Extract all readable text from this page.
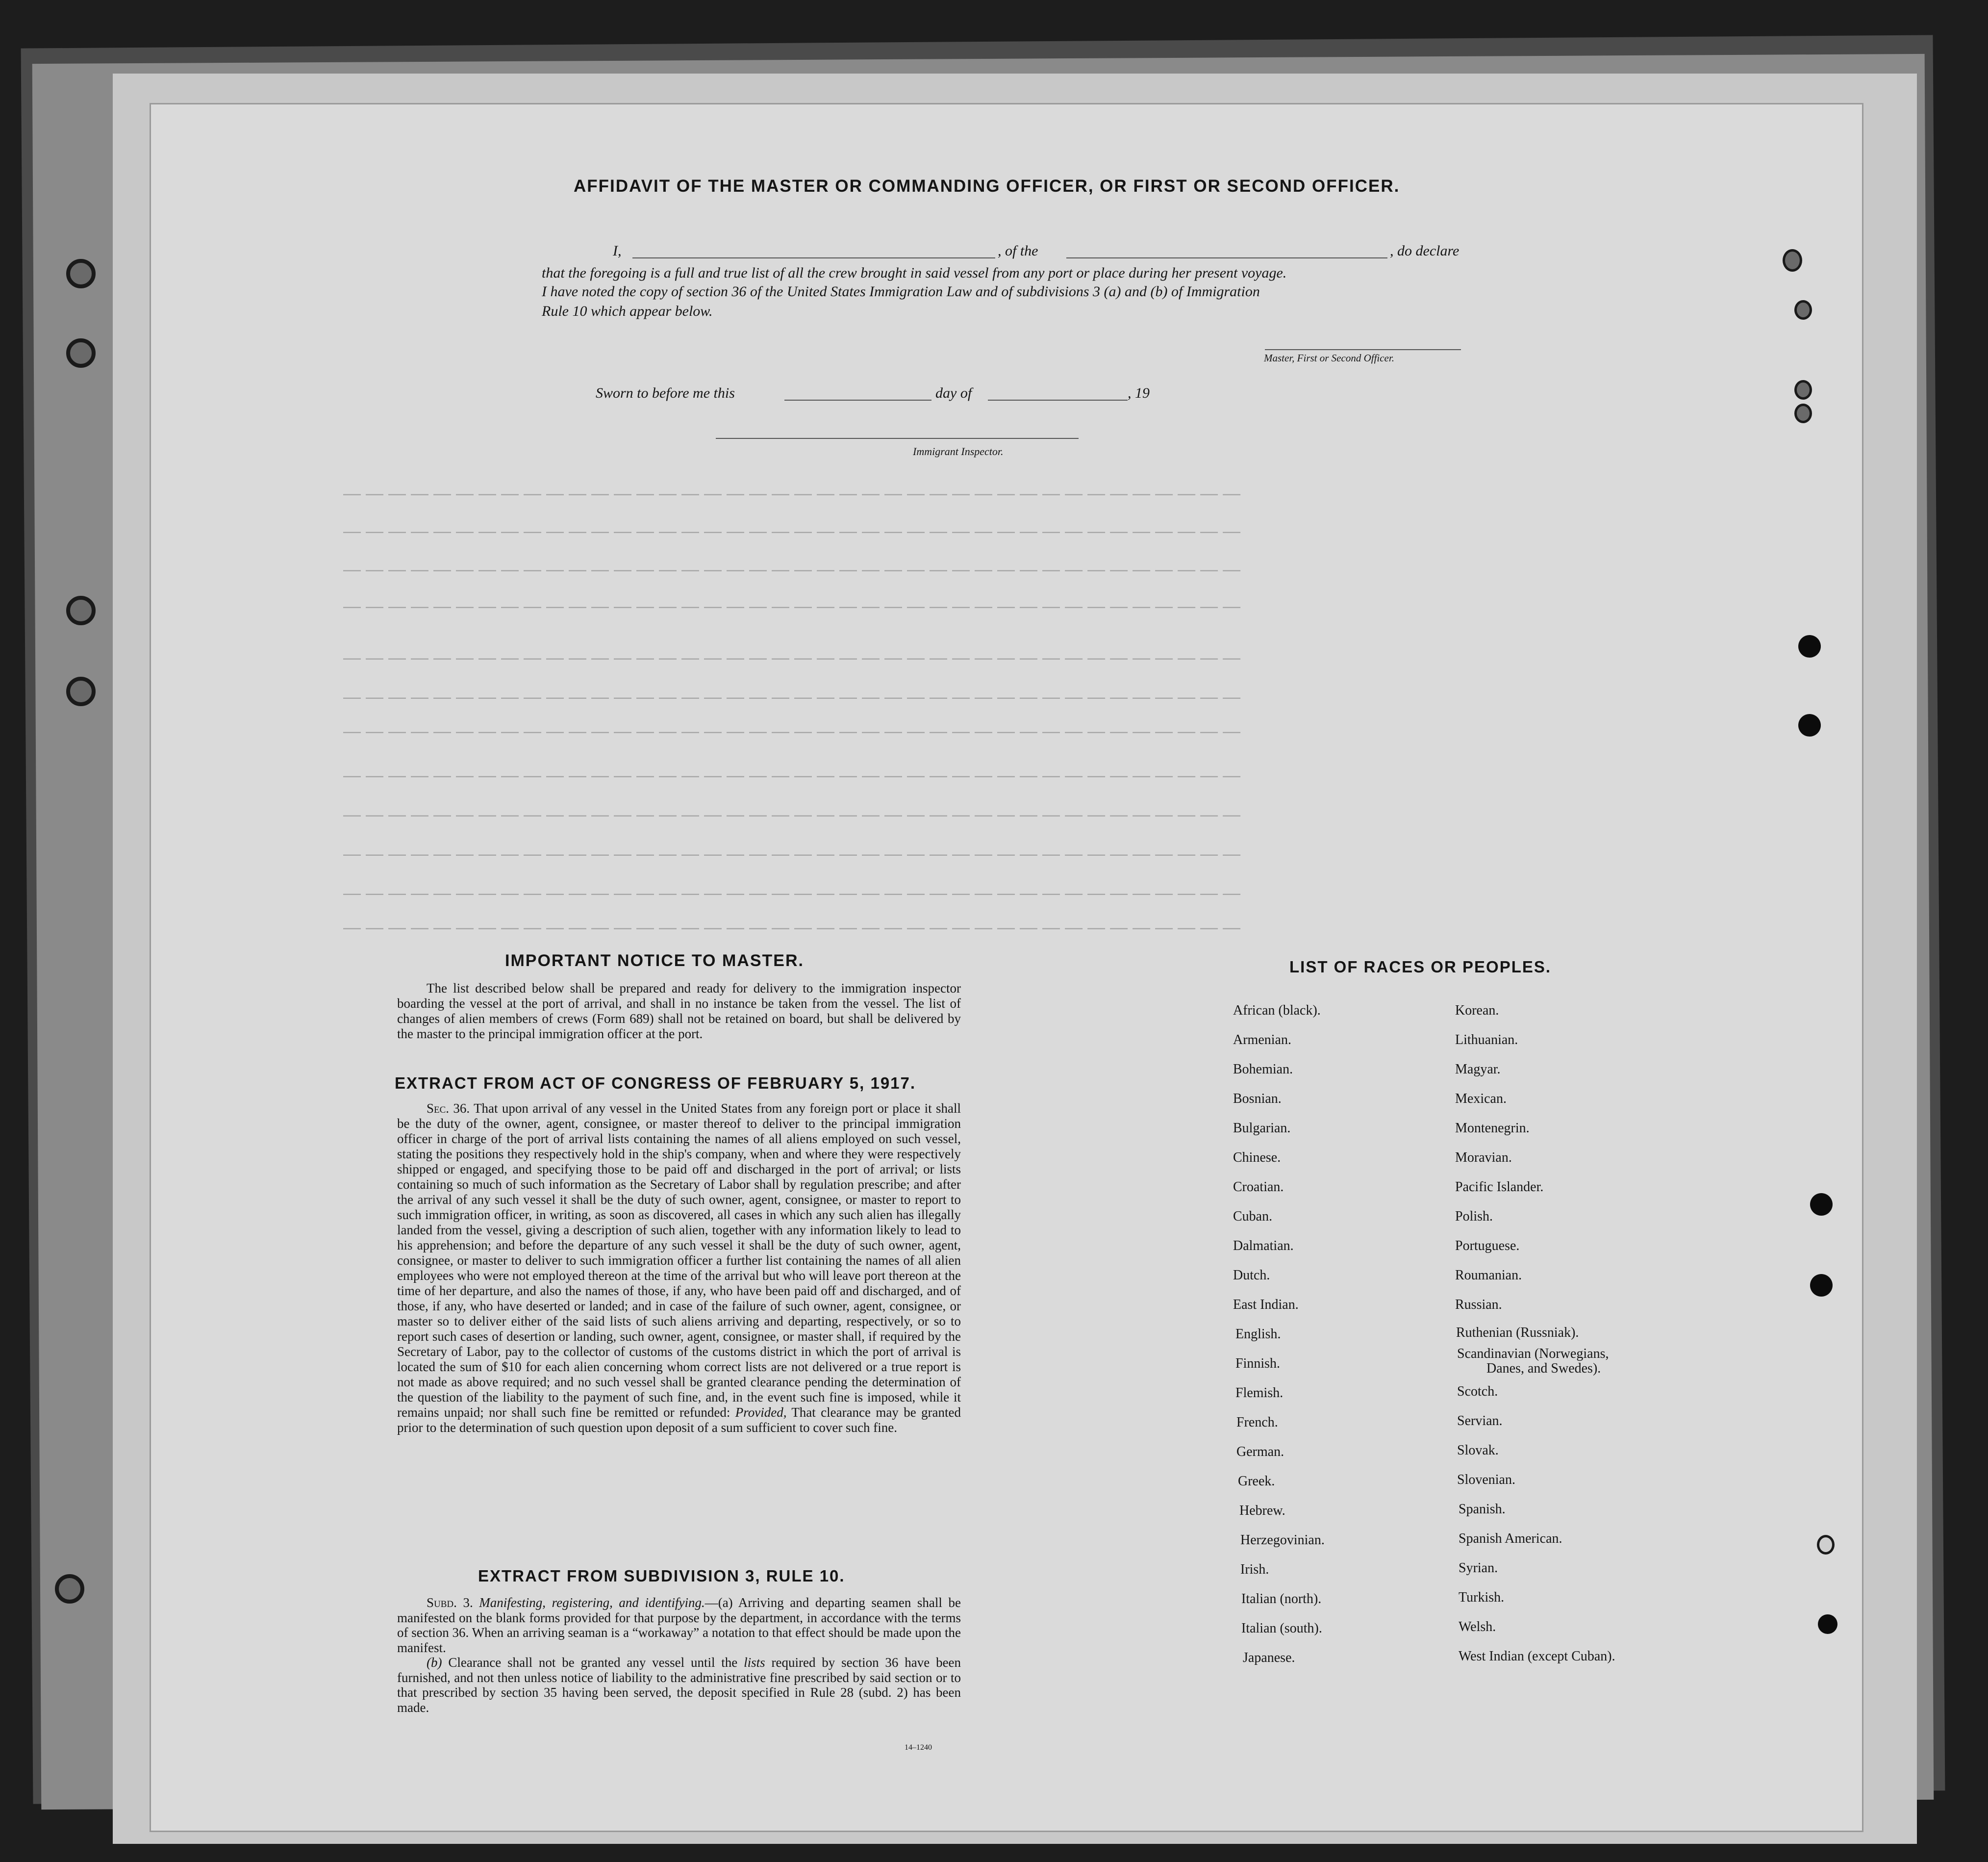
— — — — — — — — — — — — — — — — — — — — — — — — — — — — — — — — — — — — — — — —
— — — — — — — — — — — — — — — — — — — — — — — — — — — — — — — — — — — — — — — —
— — — — — — — — — — — — — — — — — — — — — — — — — — — — — — — — — — — — — — — —
— — — — — — — — — — — — — — — — — — — — — — — — — — — — — — — — — — — — — — — —
— — — — — — — — — — — — — — — — — — — — — — — — — — — — — — — — — — — — — — — —
— — — — — — — — — — — — — — — — — — — — — — — — — — — — — — — — — — — — — — — —
— — — — — — — — — — — — — — — — — — — — — — — — — — — — — — — — — — — — — — — —
— — — — — — — — — — — — — — — — — — — — — — — — — — — — — — — — — — — — — — — —
— — — — — — — — — — — — — — — — — — — — — — — — — — — — — — — — — — — — — — — —
— — — — — — — — — — — — — — — — — — — — — — — — — — — — — — — — — — — — — — — —
— — — — — — — — — — — — — — — — — — — — — — — — — — — — — — — — — — — — — — — —
— — — — — — — — — — — — — — — — — — — — — — — — — — — — — — — — — — — — — — — —
AFFIDAVIT OF THE MASTER OR COMMANDING OFFICER, OR FIRST OR SECOND OFFICER.
I,	, of the	, do declare
that the foregoing is a full and true list of all the crew brought in said vessel from any port or place during her present voyage.
I have noted the copy of section 36 of the United States Immigration Law and of subdivisions 3 (a) and (b) of Immigration
Rule 10 which appear below.
Master, First or Second Officer.
Sworn to before me this	day of	, 19
Immigrant Inspector.
IMPORTANT NOTICE TO MASTER.
The list described below shall be prepared and ready for delivery to the immigration inspector boarding the vessel at the port of arrival, and shall in no instance be taken from the vessel. The list of changes of alien members of crews (Form 689) shall not be retained on board, but shall be delivered by the master to the principal immigration officer at the port.
EXTRACT FROM ACT OF CONGRESS OF FEBRUARY 5, 1917.
Sec. 36. That upon arrival of any vessel in the United States from any foreign port or place it shall be the duty of the owner, agent, consignee, or master thereof to deliver to the principal immigration officer in charge of the port of arrival lists containing the names of all aliens employed on such vessel, stating the positions they respectively hold in the ship's company, when and where they were respectively shipped or engaged, and specifying those to be paid off and discharged in the port of arrival; or lists containing so much of such information as the Secretary of Labor shall by regulation prescribe; and after the arrival of any such vessel it shall be the duty of such owner, agent, consignee, or master to report to such immigration officer, in writing, as soon as discovered, all cases in which any such alien has illegally landed from the vessel, giving a description of such alien, together with any information likely to lead to his apprehension; and before the departure of any such vessel it shall be the duty of such owner, agent, consignee, or master to deliver to such immigration officer a further list containing the names of all alien employees who were not employed thereon at the time of the arrival but who will leave port thereon at the time of her departure, and also the names of those, if any, who have been paid off and discharged, and of those, if any, who have deserted or landed; and in case of the failure of such owner, agent, consignee, or master so to deliver either of the said lists of such aliens arriving and departing, respectively, or so to report such cases of desertion or landing, such owner, agent, consignee, or master shall, if required by the Secretary of Labor, pay to the collector of customs of the customs district in which the port of arrival is located the sum of $10 for each alien concerning whom correct lists are not delivered or a true report is not made as above required; and no such vessel shall be granted clearance pending the determination of the question of the liability to the payment of such fine, and, in the event such fine is imposed, while it remains unpaid; nor shall such fine be remitted or refunded: Provided, That clearance may be granted prior to the determination of such question upon deposit of a sum sufficient to cover such fine.
EXTRACT FROM SUBDIVISION 3, RULE 10.
Subd. 3. Manifesting, registering, and identifying.—(a) Arriving and departing seamen shall be manifested on the blank forms provided for that purpose by the department, in accordance with the terms of section 36. When an arriving seaman is a “workaway” a notation to that effect should be made upon the manifest.
(b) Clearance shall not be granted any vessel until the lists required by section 36 have been furnished, and not then unless notice of liability to the administrative fine prescribed by said section or to that prescribed by section 35 having been served, the deposit specified in Rule 28 (subd. 2) has been made.
14–1240
LIST OF RACES OR PEOPLES.
African (black).
Armenian.
Bohemian.
Bosnian.
Bulgarian.
Chinese.
Croatian.
Cuban.
Dalmatian.
Dutch.
East Indian.
English.
Finnish.
Flemish.
French.
German.
Greek.
Hebrew.
Herzegovinian.
Irish.
Italian (north).
Italian (south).
Japanese.
Korean.
Lithuanian.
Magyar.
Mexican.
Montenegrin.
Moravian.
Pacific Islander.
Polish.
Portuguese.
Roumanian.
Russian.
Ruthenian (Russniak).
Scandinavian (Norwegians,
Danes, and Swedes).
Scotch.
Servian.
Slovak.
Slovenian.
Spanish.
Spanish American.
Syrian.
Turkish.
Welsh.
West Indian (except Cuban).
